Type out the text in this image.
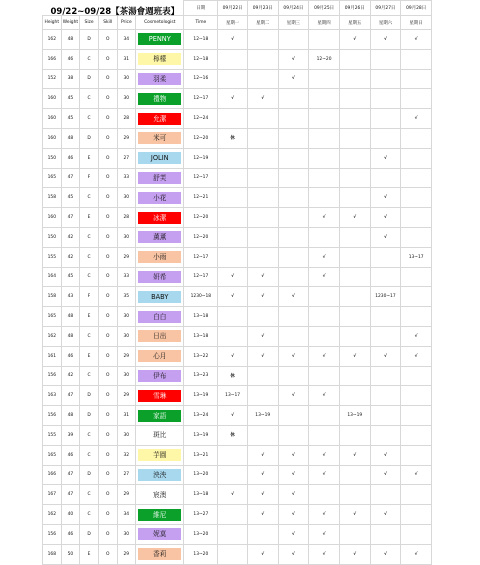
09/22~09/28【茶湯會週班表】						日期	09月22日	09月23日	09月24日	09月25日	09月26日	09月27日	09月28日
Height	Weight	Size	Skill	Price	Cosmetologist	Time	星期一	星期二	星期三	星期四	星期五	星期六	星期日
162	48	D	O	34	PENNY	12~18	√				√	√	√
166	46	C	O	31	檸檬	12~18			√	12~20			
152	38	D	O	30	羽柔	12~16			√				
160	45	C	O	30	禮物	12~17	√	√					
160	45	C	O	28	允潔	12~24							√
160	48	D	O	29	米可	12~20	休						
150	46	E	O	27	JOLIN	12~19						√	
165	47	F	O	33	舒芙	12~17							
158	45	C	O	30	小花	12~21						√	
160	47	E	O	28	冰潔	12~20				√	√	√	
150	42	C	O	30	薰薰	12~20						√	
155	42	C	O	29	小雨	12~17				√			13~17
164	45	C	O	33	妍希	12~17	√	√		√			
158	43	F	O	35	BABY	1230~18	√	√	√			1230~17	
165	48	E	O	30	白白	13~18							
162	48	C	O	30	日出	13~18		√					√
161	46	E	O	29	心月	13~22	√	√	√	√	√	√	√
156	42	C	O	30	伊布	13~23	休						
163	47	D	O	29	雪琳	13~19	13~17		√	√			
156	48	D	O	31	家語	13~24	√	13~19			13~19		
155	39	C	O	30	斑比	13~19	休						
165	46	C	O	32	芋圓	13~21		√	√	√	√	√	
166	47	D	O	27	泱泱	13~20		√	√	√		√	√
167	47	C	O	29	宸澳	13~18	√	√	√				
162	40	C	O	34	維尼	13~27		√	√	√	√	√	
156	46	D	O	30	妮莫	13~20			√	√			
168	50	E	O	29	香莉	13~20		√	√	√	√	√	√
